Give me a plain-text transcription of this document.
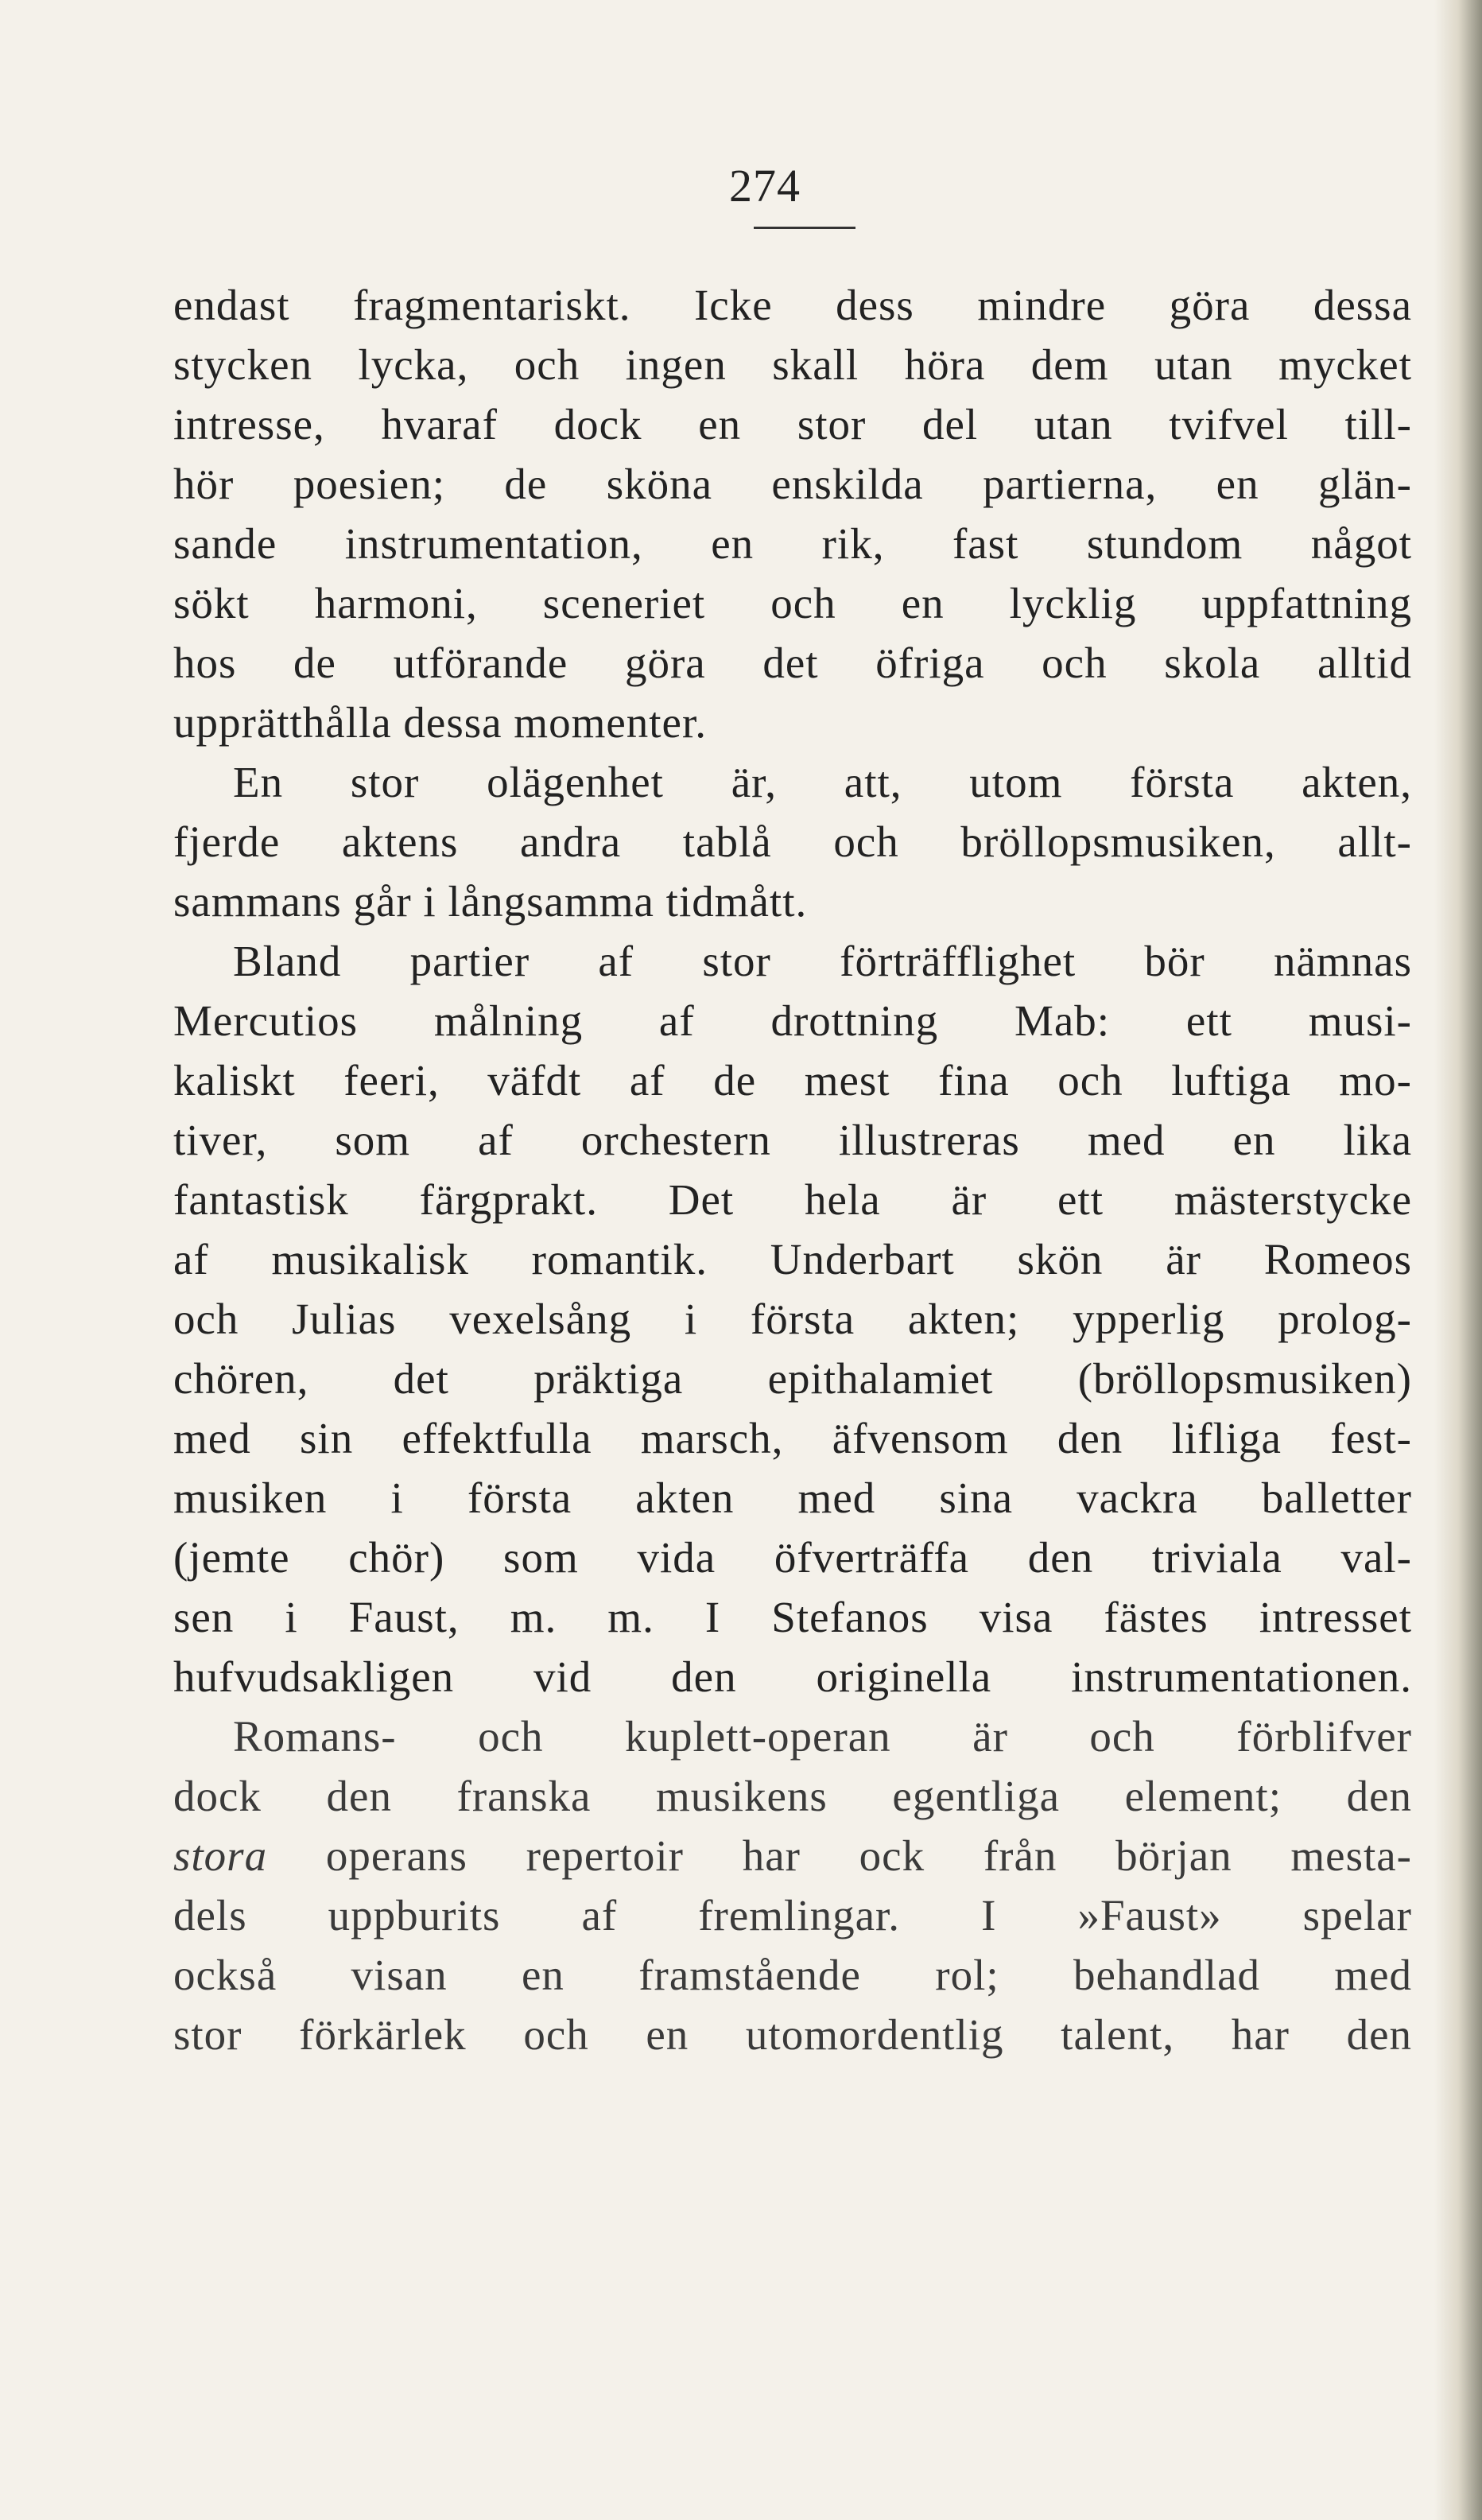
274
endast fragmentariskt. Icke dess mindre göra dessa
stycken lycka, och ingen skall höra dem utan mycket
intresse, hvaraf dock en stor del utan tvifvel till-
hör poesien; de sköna enskilda partierna, en glän-
sande instrumentation, en rik, fast stundom något
sökt harmoni, sceneriet och en lycklig uppfattning
hos de utförande göra det öfriga och skola alltid
upprätthålla dessa momenter.
En stor olägenhet är, att, utom första akten,
fjerde aktens andra tablå och bröllopsmusiken, allt-
sammans går i långsamma tidmått.
Bland partier af stor förträfflighet bör nämnas
Mercutios målning af drottning Mab: ett musi-
kaliskt feeri, väfdt af de mest fina och luftiga mo-
tiver, som af orchestern illustreras med en lika
fantastisk färgprakt. Det hela är ett mästerstycke
af musikalisk romantik. Underbart skön är Romeos
och Julias vexelsång i första akten; ypperlig prolog-
chören, det präktiga epithalamiet (bröllopsmusiken)
med sin effektfulla marsch, äfvensom den lifliga fest-
musiken i första akten med sina vackra balletter
(jemte chör) som vida öfverträffa den triviala val-
sen i Faust, m. m. I Stefanos visa fästes intresset
hufvudsakligen vid den originella instrumentationen.
Romans- och kuplett-operan är och förblifver
dock den franska musikens egentliga element; den
stora operans repertoir har ock från början mesta-
dels uppburits af fremlingar. I »Faust» spelar
också visan en framstående rol; behandlad med
stor förkärlek och en utomordentlig talent, har den
